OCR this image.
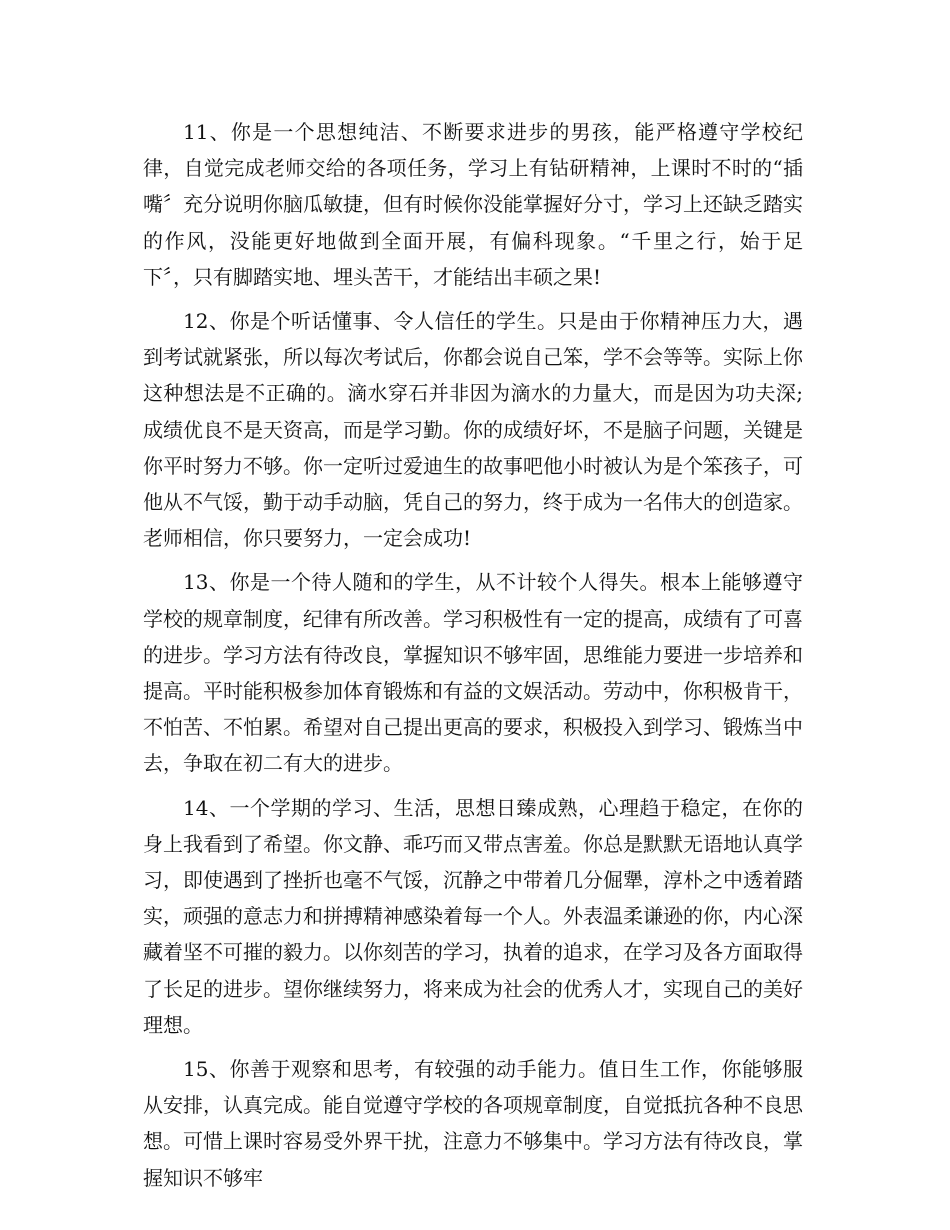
11、你是一个思想纯洁、不断要求进步的男孩，能严格遵守学校纪律，自觉完成老师交给的各项任务，学习上有钻研精神，上课时不时的“插嘴〞充分说明你脑瓜敏捷，但有时候你没能掌握好分寸，学习上还缺乏踏实的作风，没能更好地做到全面开展，有偏科现象。“千里之行，始于足下〞，只有脚踏实地、埋头苦干，才能结出丰硕之果!

12、你是个听话懂事、令人信任的学生。只是由于你精神压力大，遇到考试就紧张，所以每次考试后，你都会说自己笨，学不会等等。实际上你这种想法是不正确的。滴水穿石并非因为滴水的力量大，而是因为功夫深;成绩优良不是天资高，而是学习勤。你的成绩好坏，不是脑子问题，关键是你平时努力不够。你一定听过爱迪生的故事吧他小时被认为是个笨孩子，可他从不气馁，勤于动手动脑，凭自己的努力，终于成为一名伟大的创造家。老师相信，你只要努力，一定会成功!

13、你是一个待人随和的学生，从不计较个人得失。根本上能够遵守学校的规章制度，纪律有所改善。学习积极性有一定的提高，成绩有了可喜的进步。学习方法有待改良，掌握知识不够牢固，思维能力要进一步培养和提高。平时能积极参加体育锻炼和有益的文娱活动。劳动中，你积极肯干，不怕苦、不怕累。希望对自己提出更高的要求，积极投入到学习、锻炼当中去，争取在初二有大的进步。

14、一个学期的学习、生活，思想日臻成熟，心理趋于稳定，在你的身上我看到了希望。你文静、乖巧而又带点害羞。你总是默默无语地认真学习，即使遇到了挫折也毫不气馁，沉静之中带着几分倔犟，淳朴之中透着踏实，顽强的意志力和拼搏精神感染着每一个人。外表温柔谦逊的你，内心深藏着坚不可摧的毅力。以你刻苦的学习，执着的追求，在学习及各方面取得了长足的进步。望你继续努力，将来成为社会的优秀人才，实现自己的美好理想。

15、你善于观察和思考，有较强的动手能力。值日生工作，你能够服从安排，认真完成。能自觉遵守学校的各项规章制度，自觉抵抗各种不良思想。可惜上课时容易受外界干扰，注意力不够集中。学习方法有待改良，掌握知识不够牢
